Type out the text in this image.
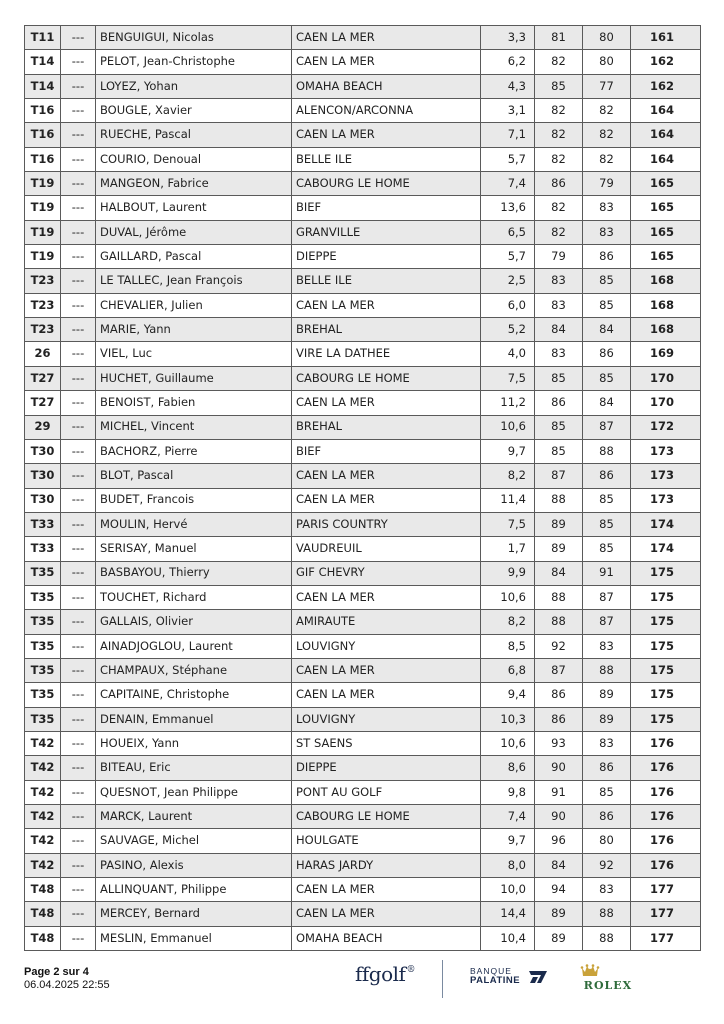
T11	---	BENGUIGUI, Nicolas	CAEN LA MER	3,3	81	80	161
T14	---	PELOT, Jean-Christophe	CAEN LA MER	6,2	82	80	162
T14	---	LOYEZ, Yohan	OMAHA BEACH	4,3	85	77	162
T16	---	BOUGLE, Xavier	ALENCON/ARCONNA	3,1	82	82	164
T16	---	RUECHE, Pascal	CAEN LA MER	7,1	82	82	164
T16	---	COURIO, Denoual	BELLE ILE	5,7	82	82	164
T19	---	MANGEON, Fabrice	CABOURG LE HOME	7,4	86	79	165
T19	---	HALBOUT, Laurent	BIEF	13,6	82	83	165
T19	---	DUVAL, Jérôme	GRANVILLE	6,5	82	83	165
T19	---	GAILLARD, Pascal	DIEPPE	5,7	79	86	165
T23	---	LE TALLEC, Jean François	BELLE ILE	2,5	83	85	168
T23	---	CHEVALIER, Julien	CAEN LA MER	6,0	83	85	168
T23	---	MARIE, Yann	BREHAL	5,2	84	84	168
26	---	VIEL, Luc	VIRE LA DATHEE	4,0	83	86	169
T27	---	HUCHET, Guillaume	CABOURG LE HOME	7,5	85	85	170
T27	---	BENOIST, Fabien	CAEN LA MER	11,2	86	84	170
29	---	MICHEL, Vincent	BREHAL	10,6	85	87	172
T30	---	BACHORZ, Pierre	BIEF	9,7	85	88	173
T30	---	BLOT, Pascal	CAEN LA MER	8,2	87	86	173
T30	---	BUDET, Francois	CAEN LA MER	11,4	88	85	173
T33	---	MOULIN, Hervé	PARIS COUNTRY	7,5	89	85	174
T33	---	SERISAY, Manuel	VAUDREUIL	1,7	89	85	174
T35	---	BASBAYOU, Thierry	GIF CHEVRY	9,9	84	91	175
T35	---	TOUCHET, Richard	CAEN LA MER	10,6	88	87	175
T35	---	GALLAIS, Olivier	AMIRAUTE	8,2	88	87	175
T35	---	AINADJOGLOU, Laurent	LOUVIGNY	8,5	92	83	175
T35	---	CHAMPAUX, Stéphane	CAEN LA MER	6,8	87	88	175
T35	---	CAPITAINE, Christophe	CAEN LA MER	9,4	86	89	175
T35	---	DENAIN, Emmanuel	LOUVIGNY	10,3	86	89	175
T42	---	HOUEIX, Yann	ST SAENS	10,6	93	83	176
T42	---	BITEAU, Eric	DIEPPE	8,6	90	86	176
T42	---	QUESNOT, Jean Philippe	PONT AU GOLF	9,8	91	85	176
T42	---	MARCK, Laurent	CABOURG LE HOME	7,4	90	86	176
T42	---	SAUVAGE, Michel	HOULGATE	9,7	96	80	176
T42	---	PASINO, Alexis	HARAS JARDY	8,0	84	92	176
T48	---	ALLINQUANT, Philippe	CAEN LA MER	10,0	94	83	177
T48	---	MERCEY, Bernard	CAEN LA MER	14,4	89	88	177
T48	---	MESLIN, Emmanuel	OMAHA BEACH	10,4	89	88	177
Page 2 sur 4
06.04.2025 22:55	ffgolf®	BANQUE
PALATINE	ROLEX
